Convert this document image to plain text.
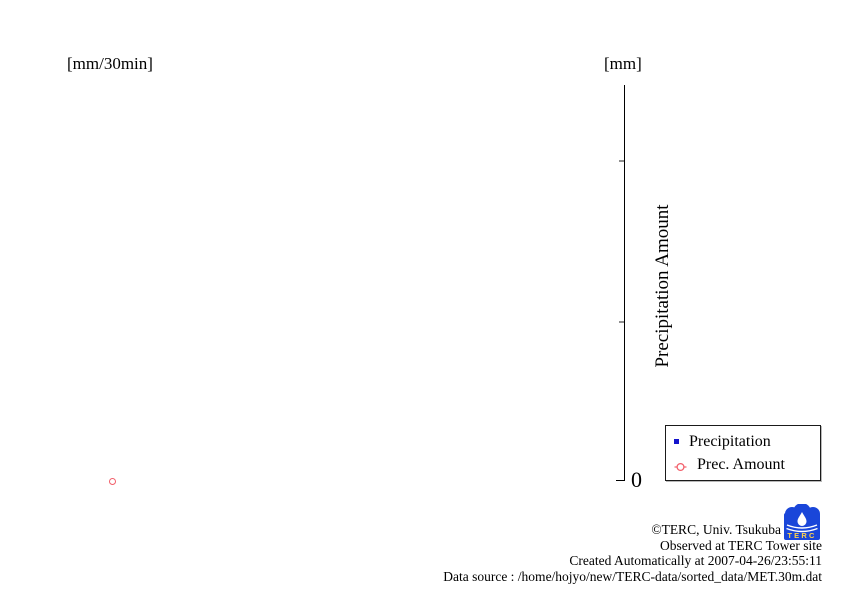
[mm/30min]	[mm]
0
Precipitation Amount
Precipitation
Prec. Amount
©TERC, Univ. Tsukuba TERC
Observed at TERC Tower site
Created Automatically at 2007-04-26/23:55:11
Data source : /home/hojyo/new/TERC-data/sorted_data/MET.30m.dat
